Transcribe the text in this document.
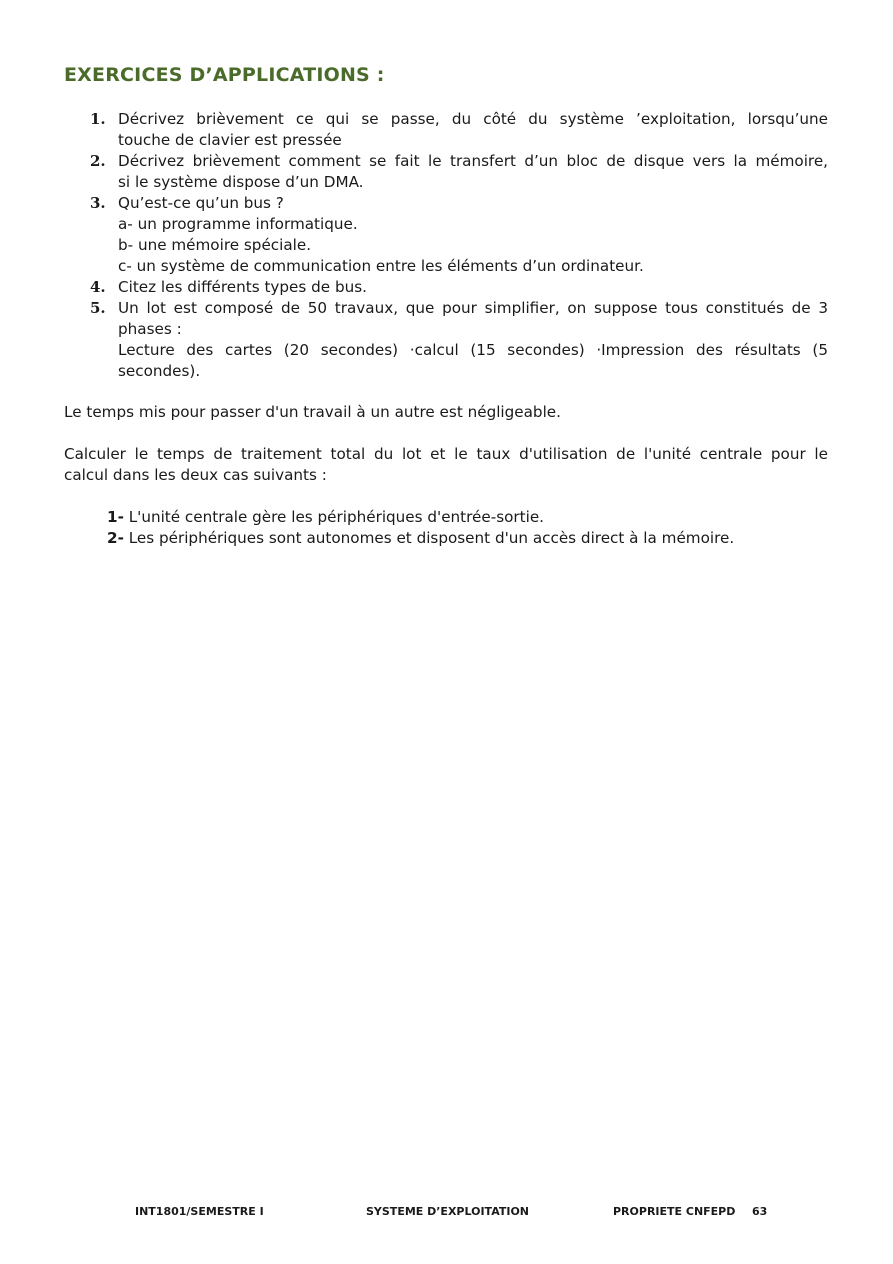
EXERCICES D’APPLICATIONS :
1. Décrivez brièvement ce qui se passe, du côté du système ’exploitation, lorsqu’une
touche de clavier est pressée
2. Décrivez brièvement comment se fait le transfert d’un bloc de disque vers la mémoire,
si le système dispose d’un DMA.
3. Qu’est-ce qu’un bus ?
a- un programme informatique.
b- une mémoire spéciale.
c- un système de communication entre les éléments d’un ordinateur.
4. Citez les différents types de bus.
5. Un lot est composé de 50 travaux, que pour simplifier, on suppose tous constitués de 3
phases :
Lecture des cartes (20 secondes) ·calcul (15 secondes) ·Impression des résultats (5
secondes).

Le temps mis pour passer d'un travail à un autre est négligeable.

Calculer le temps de traitement total du lot et le taux d'utilisation de l'unité centrale pour le
calcul dans les deux cas suivants :

1- L'unité centrale gère les périphériques d'entrée-sortie.
2- Les périphériques sont autonomes et disposent d'un accès direct à la mémoire.
INT1801/SEMESTRE I	SYSTEME D’EXPLOITATION	PROPRIETE CNFEPD 63
